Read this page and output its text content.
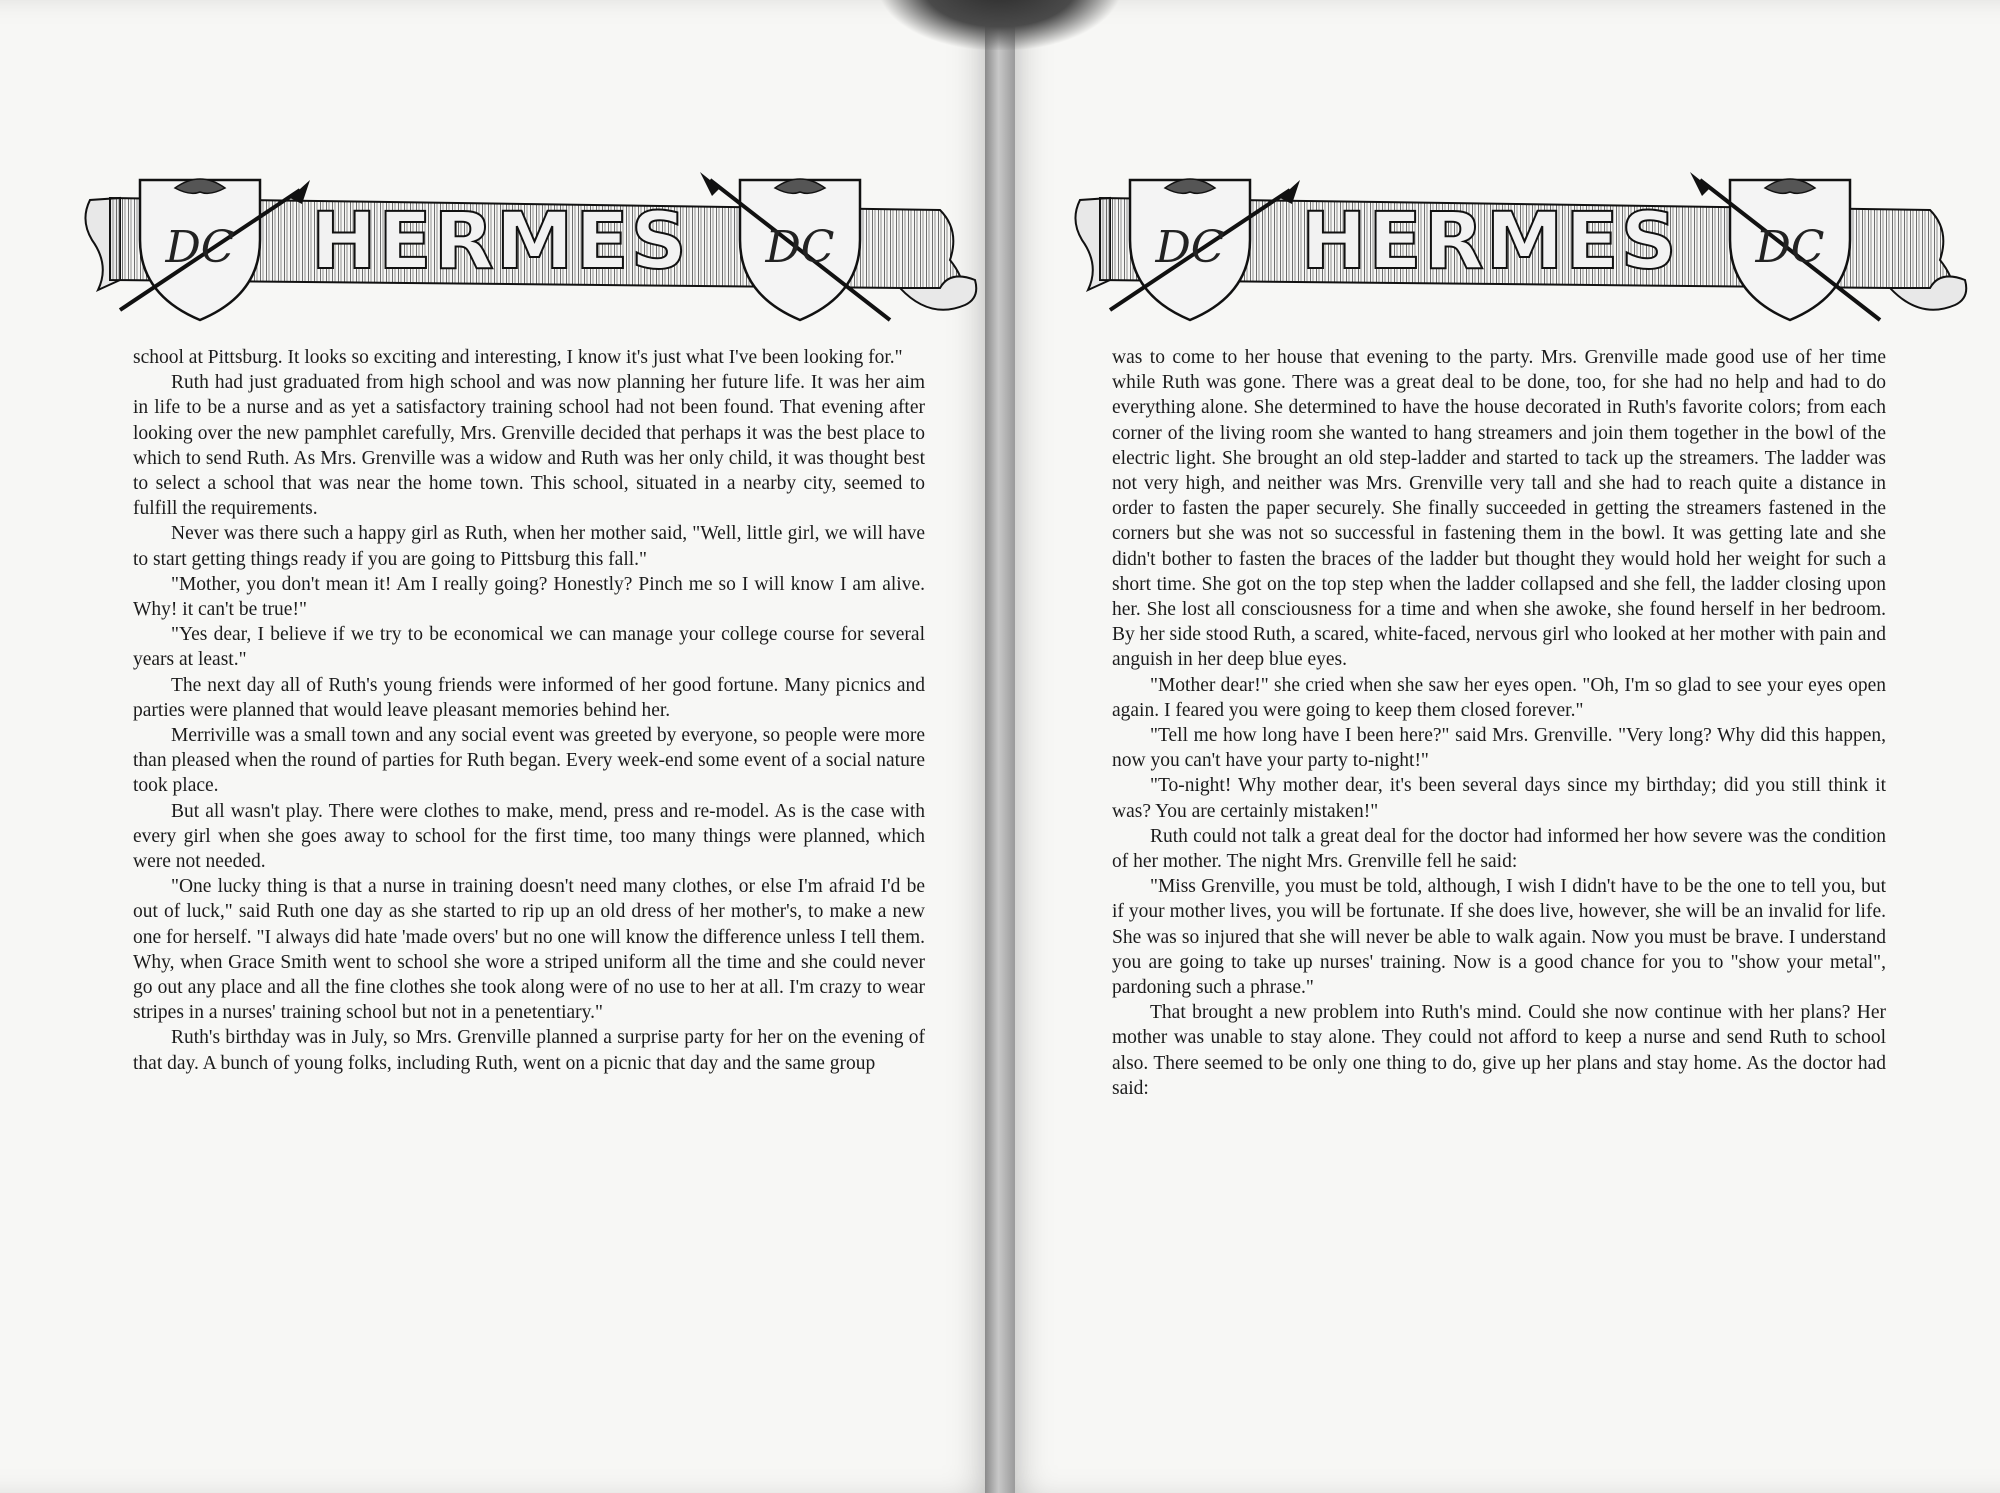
DC	DC
HERMES

school at Pittsburg. It looks so exciting and interesting, I know it's just what I've been looking for."

Ruth had just graduated from high school and was now planning her future life. It was her aim in life to be a nurse and as yet a satisfactory training school had not been found. That evening after looking over the new pamphlet carefully, Mrs. Grenville decided that perhaps it was the best place to which to send Ruth. As Mrs. Grenville was a widow and Ruth was her only child, it was thought best to select a school that was near the home town. This school, situated in a nearby city, seemed to fulfill the requirements.

Never was there such a happy girl as Ruth, when her mother said, "Well, little girl, we will have to start getting things ready if you are going to Pittsburg this fall."

"Mother, you don't mean it! Am I really going? Honestly? Pinch me so I will know I am alive. Why! it can't be true!"

"Yes dear, I believe if we try to be economical we can manage your college course for several years at least."

The next day all of Ruth's young friends were informed of her good fortune. Many picnics and parties were planned that would leave pleasant memories behind her.

Merriville was a small town and any social event was greeted by everyone, so people were more than pleased when the round of parties for Ruth began. Every week-end some event of a social nature took place.

But all wasn't play. There were clothes to make, mend, press and re-model. As is the case with every girl when she goes away to school for the first time, too many things were planned, which were not needed.

"One lucky thing is that a nurse in training doesn't need many clothes, or else I'm afraid I'd be out of luck," said Ruth one day as she started to rip up an old dress of her mother's, to make a new one for herself. "I always did hate 'made overs' but no one will know the difference unless I tell them. Why, when Grace Smith went to school she wore a striped uniform all the time and she could never go out any place and all the fine clothes she took along were of no use to her at all. I'm crazy to wear stripes in a nurses' training school but not in a penetentiary."

Ruth's birthday was in July, so Mrs. Grenville planned a surprise party for her on the evening of that day. A bunch of young folks, including Ruth, went on a picnic that day and the same group

DC	DC
HERMES

was to come to her house that evening to the party. Mrs. Grenville made good use of her time while Ruth was gone. There was a great deal to be done, too, for she had no help and had to do everything alone. She determined to have the house decorated in Ruth's favorite colors; from each corner of the living room she wanted to hang streamers and join them together in the bowl of the electric light. She brought an old step-ladder and started to tack up the streamers. The ladder was not very high, and neither was Mrs. Grenville very tall and she had to reach quite a distance in order to fasten the paper securely. She finally succeeded in getting the streamers fastened in the corners but she was not so successful in fastening them in the bowl. It was getting late and she didn't bother to fasten the braces of the ladder but thought they would hold her weight for such a short time. She got on the top step when the ladder collapsed and she fell, the ladder closing upon her. She lost all consciousness for a time and when she awoke, she found herself in her bedroom. By her side stood Ruth, a scared, white-faced, nervous girl who looked at her mother with pain and anguish in her deep blue eyes.

"Mother dear!" she cried when she saw her eyes open. "Oh, I'm so glad to see your eyes open again. I feared you were going to keep them closed forever."

"Tell me how long have I been here?" said Mrs. Grenville. "Very long? Why did this happen, now you can't have your party to-night!"

"To-night! Why mother dear, it's been several days since my birthday; did you still think it was? You are certainly mistaken!"

Ruth could not talk a great deal for the doctor had informed her how severe was the condition of her mother. The night Mrs. Grenville fell he said:

"Miss Grenville, you must be told, although, I wish I didn't have to be the one to tell you, but if your mother lives, you will be fortunate. If she does live, however, she will be an invalid for life. She was so injured that she will never be able to walk again. Now you must be brave. I understand you are going to take up nurses' training. Now is a good chance for you to "show your metal", pardoning such a phrase."

That brought a new problem into Ruth's mind. Could she now continue with her plans? Her mother was unable to stay alone. They could not afford to keep a nurse and send Ruth to school also. There seemed to be only one thing to do, give up her plans and stay home. As the doctor had said:
